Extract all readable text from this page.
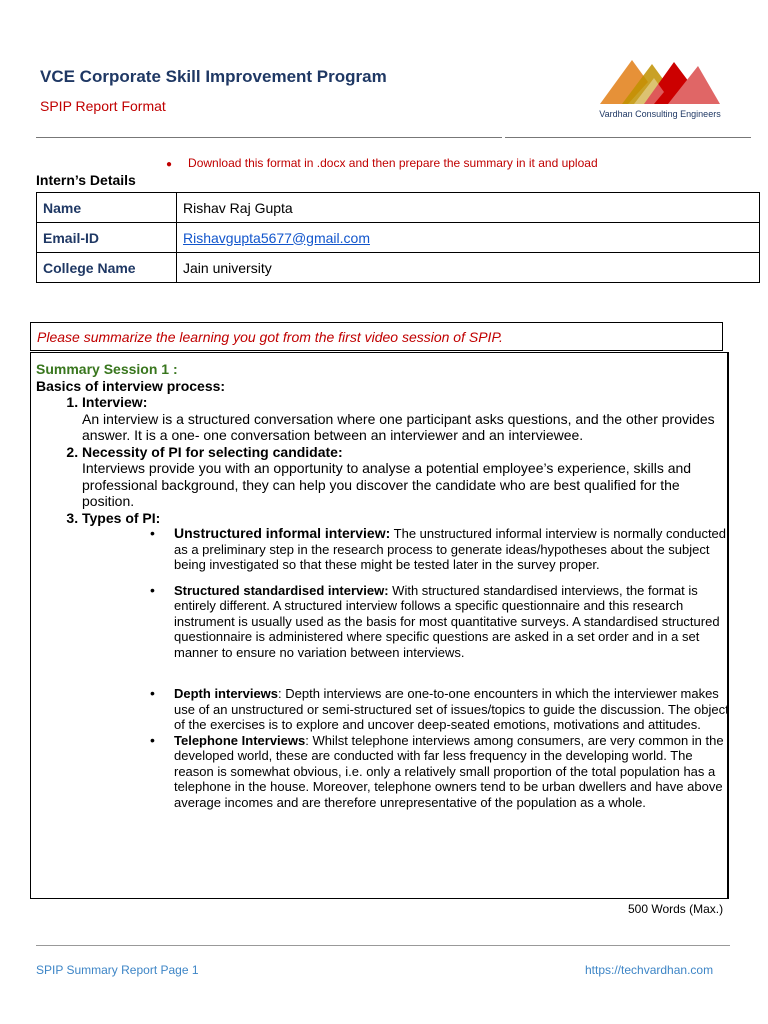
VCE Corporate Skill Improvement Program
SPIP Report Format	Vardhan Consulting Engineers
● Download this format in .docx and then prepare the summary in it and upload
Intern’s Details
Name	Rishav Raj Gupta
Email-ID	Rishavgupta5677@gmail.com
College Name	Jain university
Please summarize the learning you got from the first video session of SPIP.
Summary Session 1 :
Basics of interview process:
1. Interview:
An interview is a structured conversation where one participant asks questions, and the other provides answer. It is a one- one conversation between an interviewer and an interviewee.
2. Necessity of PI for selecting candidate:
Interviews provide you with an opportunity to analyse a potential employee’s experience, skills and professional background, they can help you discover the candidate who are best qualified for the position.
3. Types of PI:
• Unstructured informal interview: The unstructured informal interview is normally conducted as a preliminary step in the research process to generate ideas/hypotheses about the subject being investigated so that these might be tested later in the survey proper.
• Structured standardised interview: With structured standardised interviews, the format is entirely different. A structured interview follows a specific questionnaire and this research instrument is usually used as the basis for most quantitative surveys. A standardised structured questionnaire is administered where specific questions are asked in a set order and in a set manner to ensure no variation between interviews.
• Depth interviews: Depth interviews are one-to-one encounters in which the interviewer makes use of an unstructured or semi-structured set of issues/topics to guide the discussion. The object of the exercises is to explore and uncover deep-seated emotions, motivations and attitudes.
• Telephone Interviews: Whilst telephone interviews among consumers, are very common in the developed world, these are conducted with far less frequency in the developing world. The reason is somewhat obvious, i.e. only a relatively small proportion of the total population has a telephone in the house. Moreover, telephone owners tend to be urban dwellers and have above average incomes and are therefore unrepresentative of the population as a whole.
500 Words (Max.)
SPIP Summary Report Page 1	https://techvardhan.com
